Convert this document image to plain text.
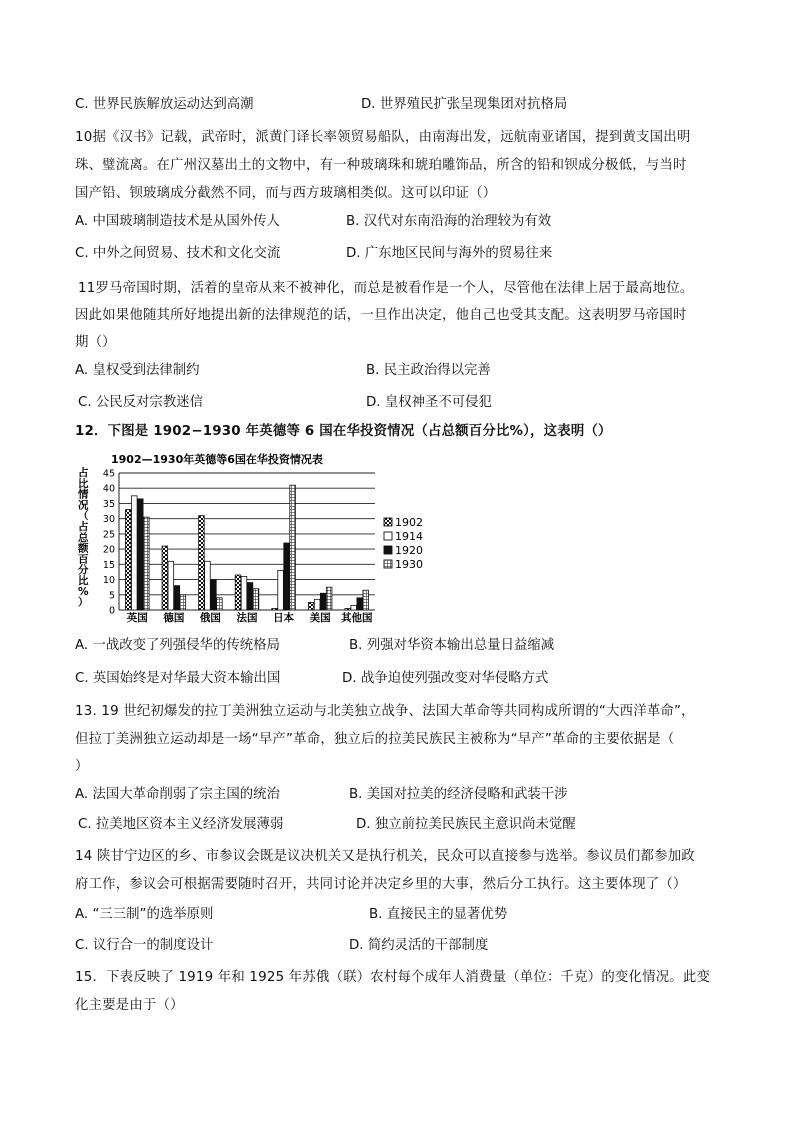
C. 世界民族解放运动达到高潮	D. 世界殖民扩张呈现集团对抗格局
10据《汉书》记载，武帝时，派黄门译长率领贸易船队，由南海出发，远航南亚诸国，提到黄支国出明
珠、璧流离。在广州汉墓出土的文物中，有一种玻璃珠和琥珀雕饰品，所含的铅和钡成分极低，与当时
国产铅、钡玻璃成分截然不同，而与西方玻璃相类似。这可以印证（）
A. 中国玻璃制造技术是从国外传人	B. 汉代对东南沿海的治理较为有效
C. 中外之间贸易、技术和文化交流	D. 广东地区民间与海外的贸易往来
11罗马帝国时期，活着的皇帝从来不被神化，而总是被看作是一个人，尽管他在法律上居于最高地位。
因此如果他随其所好地提出新的法律规范的话，一旦作出决定，他自己也受其支配。这表明罗马帝国时
期（）
A. 皇权受到法律制约	B. 民主政治得以完善
C. 公民反对宗教迷信	D. 皇权神圣不可侵犯
12．下图是 1902−1930 年英德等 6 国在华投资情况（占总额百分比%），这表明（）
1902—1930年英德等6国在华投资情况表
占
比
情
况
（
占
总
额
百
分
比
%
）
0
5
10
15
20
25
30
35
40
45
英国 德国 俄国 法国 日本 美国 其他国
1902
1914
1920
1930
A. 一战改变了列强侵华的传统格局	B. 列强对华资本输出总量日益缩减
C. 英国始终是对华最大资本输出国	D. 战争迫使列强改变对华侵略方式
13. 19 世纪初爆发的拉丁美洲独立运动与北美独立战争、法国大革命等共同构成所谓的“大西洋革命”，
但拉丁美洲独立运动却是一场“早产”革命，独立后的拉美民族民主被称为“早产”革命的主要依据是（
）
A. 法国大革命削弱了宗主国的统治	B. 美国对拉美的经济侵略和武装干涉
C. 拉美地区资本主义经济发展薄弱	D. 独立前拉美民族民主意识尚未觉醒
14 陕甘宁边区的乡、市参议会既是议决机关又是执行机关，民众可以直接参与选举。参议员们都参加政
府工作，参议会可根据需要随时召开，共同讨论并决定乡里的大事，然后分工执行。这主要体现了（）
A. “三三制”的选举原则	B. 直接民主的显著优势
C. 议行合一的制度设计	D. 简约灵活的干部制度
15．下表反映了 1919 年和 1925 年苏俄（联）农村每个成年人消费量（单位：千克）的变化情况。此变
化主要是由于（）
